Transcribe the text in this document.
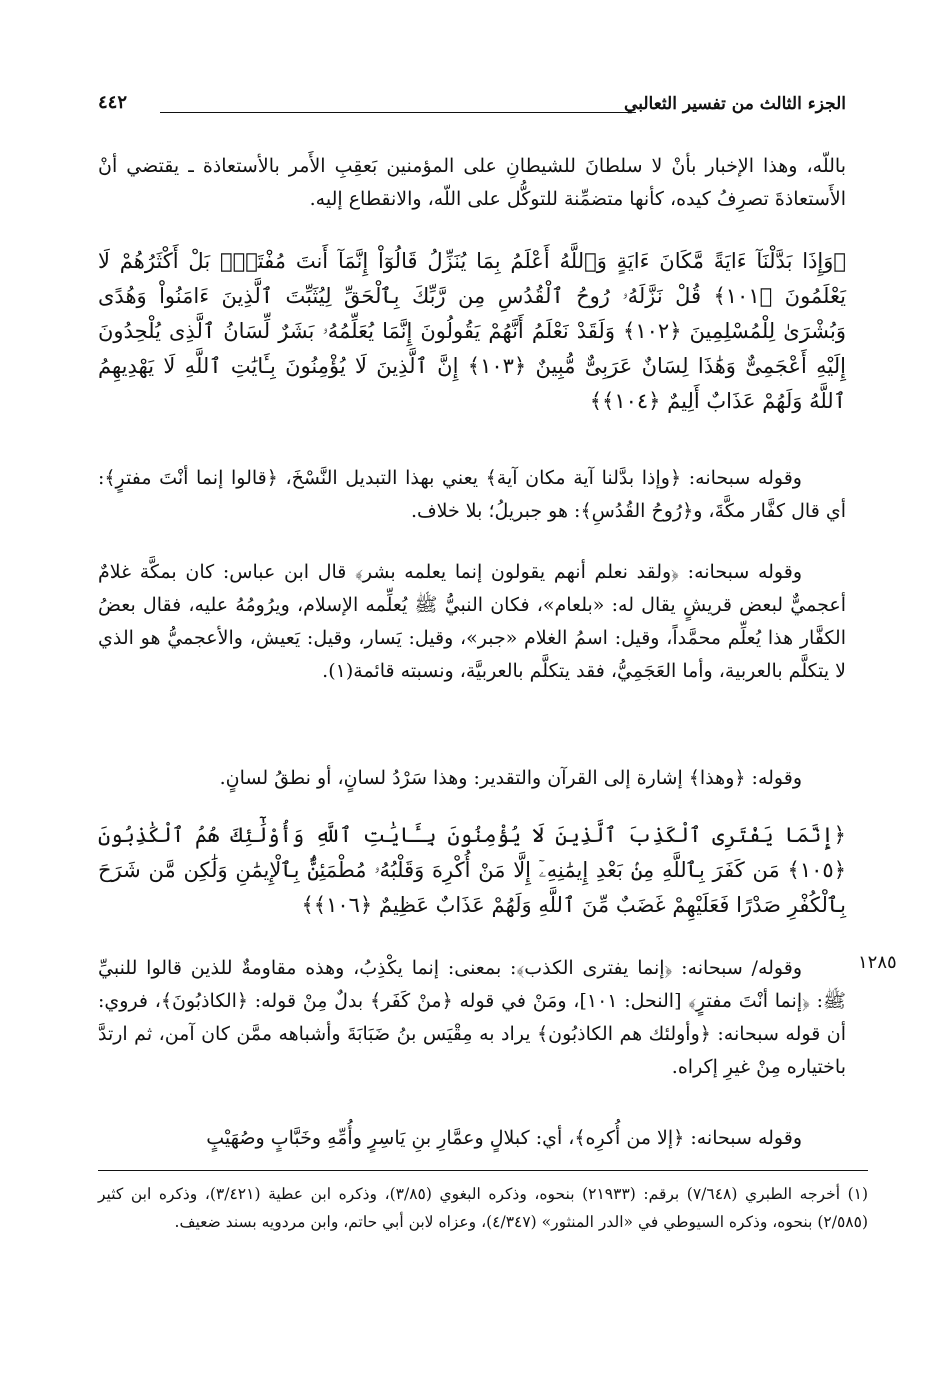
الجزء الثالث من تفسير الثعالبي
٤٤٢
١٢٨٥
باللّه، وهذا الإخبار بأنْ لا سلطانَ للشيطانِ على المؤمنين بَعقِبِ الأَمر بالأستعاذة ـ يقتضي أنْ الأَستعاذةَ تصرِفُ كيده، كأنها متضمِّنة للتوكُّل على اللّه، والانقطاع إليه.
﴿وَإِذَا بَدَّلْنَآ ءَايَةً مَّكَانَ ءَايَةٍ وَٱللَّهُ أَعْلَمُ بِمَا يُنَزِّلُ قَالُوٓاْ إِنَّمَآ أَنتَ مُفْتَرٍۭ بَلْ أَكْثَرُهُمْ لَا يَعْلَمُونَ ﴿١٠١﴾ قُلْ نَزَّلَهُۥ رُوحُ ٱلْقُدُسِ مِن رَّبِّكَ بِٱلْحَقِّ لِيُثَبِّتَ ٱلَّذِينَ ءَامَنُواْ وَهُدًى وَبُشْرَىٰ لِلْمُسْلِمِينَ ﴿١٠٢﴾ وَلَقَدْ نَعْلَمُ أَنَّهُمْ يَقُولُونَ إِنَّمَا يُعَلِّمُهُۥ بَشَرٌ لِّسَانُ ٱلَّذِى يُلْحِدُونَ إِلَيْهِ أَعْجَمِىٌّ وَهَٰذَا لِسَانٌ عَرَبِىٌّ مُّبِينٌ ﴿١٠٣﴾ إِنَّ ٱلَّذِينَ لَا يُؤْمِنُونَ بِـَٔايَٰتِ ٱللَّهِ لَا يَهْدِيهِمُ ٱللَّهُ وَلَهُمْ عَذَابٌ أَلِيمٌ ﴿١٠٤﴾﴾
وقوله سبحانه: ﴿وإذا بدَّلنا آية مكان آية﴾ يعني بهذا التبديل النَّسْخَ، ﴿قالوا إنما أنْتَ مفترٍ﴾: أي قال كفَّار مكَّةَ، و﴿رُوحُ القُدُسِ﴾: هو جبريلُ؛ بلا خلاف.
وقوله سبحانه: ﴿ولقد نعلم أنهم يقولون إنما يعلمه بشر﴾ قال ابن عباس: كان بمكَّة غلامٌ أعجميٌّ لبعض قريشٍ يقال له: «بلعام»، فكان النبيُّ ﷺ يُعلِّمه الإسلام، ويرُومُهُ عليه، فقال بعضُ الكفَّار هذا يُعلِّم محمَّداً، وقيل: اسمُ الغلام «جبر»، وقيل: يَسار، وقيل: يَعيش، والأعجميُّ هو الذي لا يتكلَّم بالعربية، وأما العَجَمِيُّ، فقد يتكلَّم بالعربيَّة، ونسبته قائمة(١).
وقوله: ﴿وهذا﴾ إشارة إلى القرآن والتقدير: وهذا سَرْدُ لسانٍ، أو نطقُ لسانٍ.
﴿إِنَّمَا يَفْتَرِى ٱلْكَذِبَ ٱلَّذِينَ لَا يُؤْمِنُونَ بِـَٔايَٰتِ ٱللَّهِ وَأُوْلَٰٓئِكَ هُمُ ٱلْكَٰذِبُونَ ﴿١٠٥﴾ مَن كَفَرَ بِٱللَّهِ مِنۢ بَعْدِ إِيمَٰنِهِۦٓ إِلَّا مَنْ أُكْرِهَ وَقَلْبُهُۥ مُطْمَئِنٌّۢ بِٱلْإِيمَٰنِ وَلَٰكِن مَّن شَرَحَ بِٱلْكُفْرِ صَدْرًا فَعَلَيْهِمْ غَضَبٌ مِّنَ ٱللَّهِ وَلَهُمْ عَذَابٌ عَظِيمٌ ﴿١٠٦﴾﴾
وقوله/ سبحانه: ﴿إنما يفترى الكذب﴾: بمعنى: إنما يكْذِبُ، وهذه مقاومةٌ للذين قالوا للنبيِّ ﷺ: ﴿إنما أنْتَ مفترٍ﴾ [النحل: ١٠١]، ومَنْ في قوله ﴿منْ كَفَر﴾ بدلٌ مِنْ قوله: ﴿الكاذبُونَ﴾، فروي: أن قوله سبحانه: ﴿وأولئك هم الكاذبُون﴾ يراد به مِقْيَس بنُ ضَبَابَةَ وأشباهه ممَّن كان آمن، ثم ارتدَّ باختياره مِنْ غيرِ إكراه.
وقوله سبحانه: ﴿إلا من أُكرِه﴾، أي: كبلالٍ وعمَّارِ بنِ يَاسِرٍ وأُمِّهِ وخَبَّابٍ وصُهَيْبٍ
(١) أخرجه الطبري (٧/٦٤٨) برقم: (٢١٩٣٣) بنحوه، وذكره البغوي (٣/٨٥)، وذكره ابن عطية (٣/٤٢١)، وذكره ابن كثير (٢/٥٨٥) بنحوه، وذكره السيوطي في «الدر المنثور» (٤/٣٤٧)، وعزاه لابن أبي حاتم، وابن مردويه بسند ضعيف.
